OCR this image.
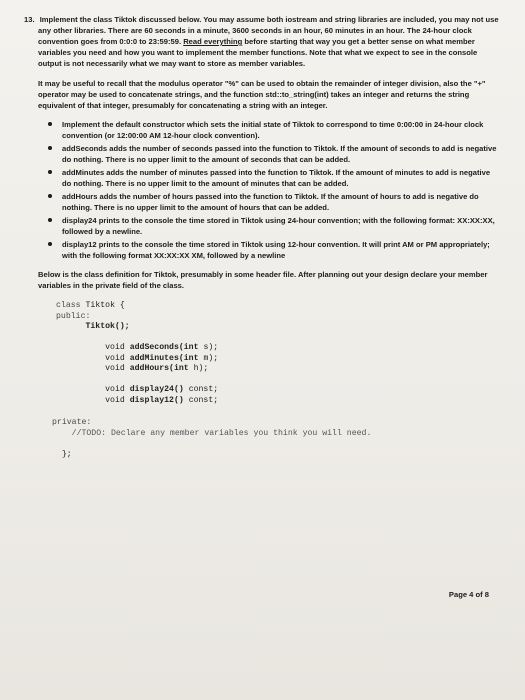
13. Implement the class Tiktok discussed below. You may assume both iostream and string libraries are included, you may not use any other libraries. There are 60 seconds in a minute, 3600 seconds in an hour, 60 minutes in an hour. The 24-hour clock convention goes from 0:0:0 to 23:59:59. Read everything before starting that way you get a better sense on what member variables you need and how you want to implement the member functions. Note that what we expect to see in the console output is not necessarily what we may want to store as member variables.

It may be useful to recall that the modulus operator "%" can be used to obtain the remainder of integer division, also the "+" operator may be used to concatenate strings, and the function std::to_string(int) takes an integer and returns the string equivalent of that integer, presumably for concatenating a string with an integer.

Implement the default constructor which sets the initial state of Tiktok to correspond to time 0:00:00 in 24-hour clock convention (or 12:00:00 AM 12-hour clock convention).
addSeconds adds the number of seconds passed into the function to Tiktok. If the amount of seconds to add is negative do nothing. There is no upper limit to the amount of seconds that can be added.
addMinutes adds the number of minutes passed into the function to Tiktok. If the amount of minutes to add is negative do nothing. There is no upper limit to the amount of minutes that can be added.
addHours adds the number of hours passed into the function to Tiktok. If the amount of hours to add is negative do nothing. There is no upper limit to the amount of hours that can be added.
display24 prints to the console the time stored in Tiktok using 24-hour convention; with the following format: XX:XX:XX, followed by a newline.
display12 prints to the console the time stored in Tiktok using 12-hour convention. It will print AM or PM appropriately; with the following format XX:XX:XX XM, followed by a newline

Below is the class definition for Tiktok, presumably in some header file. After planning out your design declare your member variables in the private field of the class.

class Tiktok {
public:
Tiktok();

void addSeconds(int s);
void addMinutes(int m);
void addHours(int h);

void display24() const;
void display12() const;

private:
//TODO: Declare any member variables you think you will need.

};

Page 4 of 8
